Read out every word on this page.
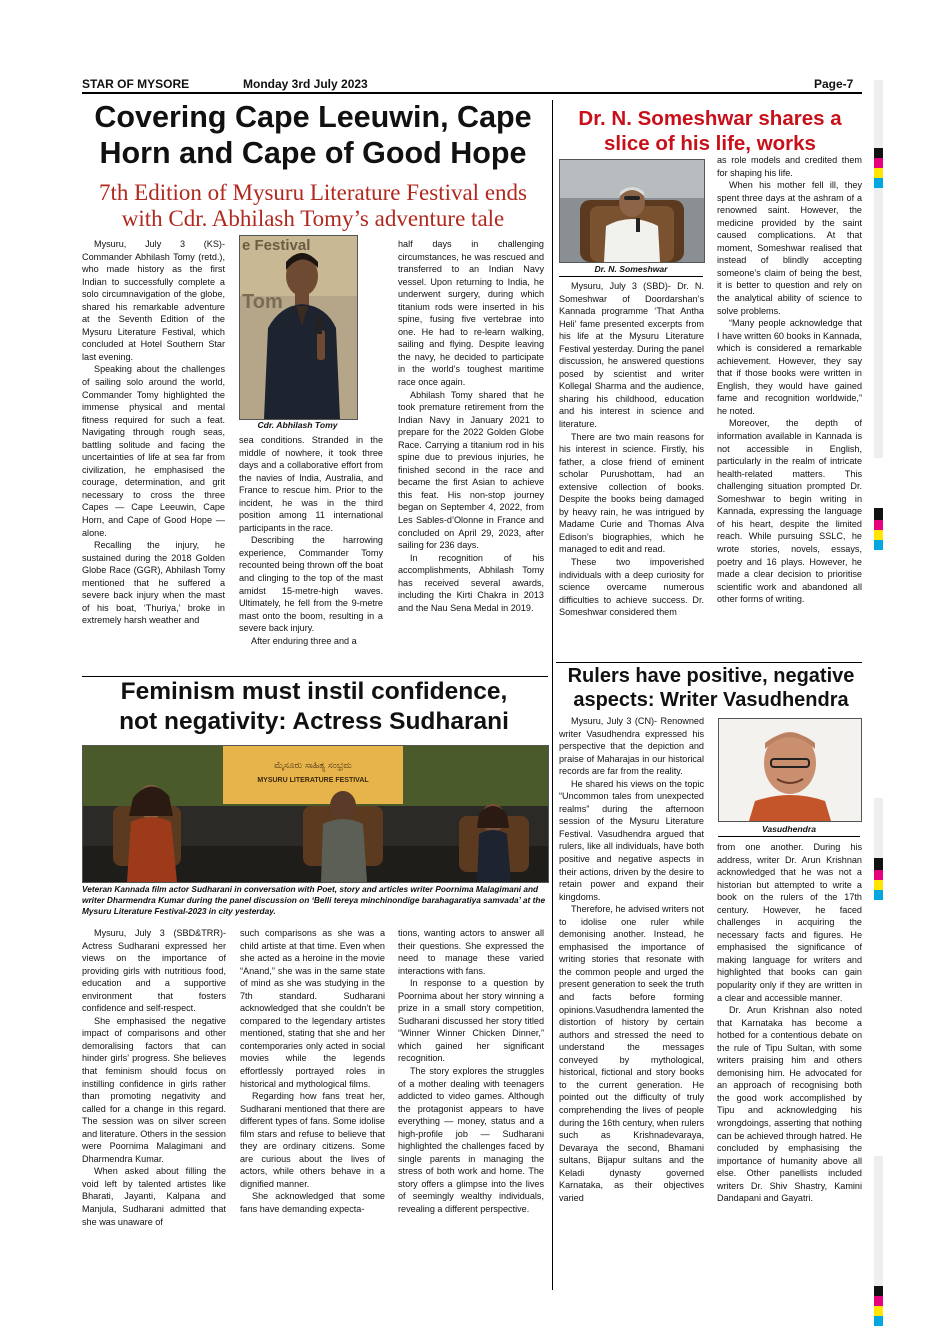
STAR OF MYSORE	Monday 3rd July 2023	Page-7
Covering Cape Leeuwin, Cape
Horn and Cape of Good Hope
7th Edition of Mysuru Literature Festival ends
with Cdr. Abhilash Tomy’s adventure tale

Mysuru, July 3 (KS)- Commander Abhilash Tomy (retd.), who made history as the first Indian to successfully complete a solo circumnavigation of the globe, shared his remarkable adventure at the Seventh Edition of the Mysuru Literature Festival, which concluded at Hotel Southern Star last evening.

Speaking about the challenges of sailing solo around the world, Commander Tomy highlighted the immense physical and mental fitness required for such a feat. Navigating through rough seas, battling solitude and facing the uncertainties of life at sea far from civilization, he emphasised the courage, determination, and grit necessary to cross the three Capes — Cape Leeuwin, Cape Horn, and Cape of Good Hope — alone.

Recalling the injury, he sustained during the 2018 Golden Globe Race (GGR), Abhilash Tomy mentioned that he suffered a severe back injury when the mast of his boat, ‘Thuriya,’ broke in extremely harsh weather and

e Festival
Tom
Cdr. Abhilash Tomy

sea conditions. Stranded in the middle of nowhere, it took three days and a collaborative effort from the navies of India, Australia, and France to rescue him. Prior to the incident, he was in the third position among 11 international participants in the race.

Describing the harrowing experience, Commander Tomy recounted being thrown off the boat and clinging to the top of the mast amidst 15-metre-high waves. Ultimately, he fell from the 9-metre mast onto the boom, resulting in a severe back injury.

After enduring three and a

half days in challenging circumstances, he was rescued and transferred to an Indian Navy vessel. Upon returning to India, he underwent surgery, during which titanium rods were inserted in his spine, fusing five vertebrae into one. He had to re-learn walking, sailing and flying. Despite leaving the navy, he decided to participate in the world’s toughest maritime race once again.

Abhilash Tomy shared that he took premature retirement from the Indian Navy in January 2021 to prepare for the 2022 Golden Globe Race. Carrying a titanium rod in his spine due to previous injuries, he finished second in the race and became the first Asian to achieve this feat. His non-stop journey began on September 4, 2022, from Les Sables-d’Olonne in France and concluded on April 29, 2023, after sailing for 236 days.

In recognition of his accomplishments, Abhilash Tomy has received several awards, including the Kirti Chakra in 2013 and the Nau Sena Medal in 2019.

Dr. N. Someshwar shares a
slice of his life, works
Dr. N. Someshwar

Mysuru, July 3 (SBD)- Dr. N. Someshwar of Doordarshan’s Kannada programme ‘That Antha Heli’ fame presented excerpts from his life at the Mysuru Literature Festival yesterday. During the panel discussion, he answered questions posed by scientist and writer Kollegal Sharma and the audience, sharing his childhood, education and his interest in science and literature.

There are two main reasons for his interest in science. Firstly, his father, a close friend of eminent scholar Purushottam, had an extensive collection of books. Despite the books being damaged by heavy rain, he was intrigued by Madame Curie and Thomas Alva Edison’s biographies, which he managed to edit and read.

These two impoverished individuals with a deep curiosity for science overcame numerous difficulties to achieve success. Dr. Someshwar considered them

as role models and credited them for shaping his life.

When his mother fell ill, they spent three days at the ashram of a renowned saint. However, the medicine provided by the saint caused complications. At that moment, Someshwar realised that instead of blindly accepting someone’s claim of being the best, it is better to question and rely on the analytical ability of science to solve problems.

“Many people acknowledge that I have written 60 books in Kannada, which is considered a remarkable achievement. However, they say that if those books were written in English, they would have gained fame and recognition worldwide,” he noted.

Moreover, the depth of information available in Kannada is not accessible in English, particularly in the realm of intricate health-related matters. This challenging situation prompted Dr. Someshwar to begin writing in Kannada, expressing the language of his heart, despite the limited reach. While pursuing SSLC, he wrote stories, novels, essays, poetry and 16 plays. However, he made a clear decision to prioritise scientific work and abandoned all other forms of writing.

Feminism must instil confidence,
not negativity: Actress Sudharani
ಮೈಸೂರು ಸಾಹಿತ್ಯ ಸಂಭ್ರಮ
MYSURU LITERATURE FESTIVAL
Veteran Kannada film actor Sudharani in conversation with Poet, story and articles writer Poornima Malagimani and writer Dharmendra Kumar during the panel discussion on ‘Belli tereya minchinondige barahagaratiya samvada’ at the Mysuru Literature Festival-2023 in city yesterday.

Mysuru, July 3 (SBD&TRR)- Actress Sudharani expressed her views on the importance of providing girls with nutritious food, education and a supportive environment that fosters confidence and self-respect.

She emphasised the negative impact of comparisons and other demoralising factors that can hinder girls’ progress. She believes that feminism should focus on instilling confidence in girls rather than promoting negativity and called for a change in this regard. The session was on silver screen and literature. Others in the session were Poornima Malagimani and Dharmendra Kumar.

When asked about filling the void left by talented artistes like Bharati, Jayanti, Kalpana and Manjula, Sudharani admitted that she was unaware of

such comparisons as she was a child artiste at that time. Even when she acted as a heroine in the movie “Anand,” she was in the same state of mind as she was studying in the 7th standard. Sudharani acknowledged that she couldn’t be compared to the legendary artistes mentioned, stating that she and her contemporaries only acted in social movies while the legends effortlessly portrayed roles in historical and mythological films.

Regarding how fans treat her, Sudharani mentioned that there are different types of fans. Some idolise film stars and refuse to believe that they are ordinary citizens. Some are curious about the lives of actors, while others behave in a dignified manner.

She acknowledged that some fans have demanding expecta-

tions, wanting actors to answer all their questions. She expressed the need to manage these varied interactions with fans.

In response to a question by Poornima about her story winning a prize in a small story competition, Sudharani discussed her story titled “Winner Winner Chicken Dinner,” which gained her significant recognition.

The story explores the struggles of a mother dealing with teenagers addicted to video games. Although the protagonist appears to have everything — money, status and a high-profile job — Sudharani highlighted the challenges faced by single parents in managing the stress of both work and home. The story offers a glimpse into the lives of seemingly wealthy individuals, revealing a different perspective.

Rulers have positive, negative
aspects: Writer Vasudhendra
Vasudhendra

Mysuru, July 3 (CN)- Renowned writer Vasudhendra expressed his perspective that the depiction and praise of Maharajas in our historical records are far from the reality.

He shared his views on the topic “Uncommon tales from unexpected realms” during the afternoon session of the Mysuru Literature Festival. Vasudhendra argued that rulers, like all individuals, have both positive and negative aspects in their actions, driven by the desire to retain power and expand their kingdoms.

Therefore, he advised writers not to idolise one ruler while demonising another. Instead, he emphasised the importance of writing stories that resonate with the common people and urged the present generation to seek the truth and facts before forming opinions.Vasudhendra lamented the distortion of history by certain authors and stressed the need to understand the messages conveyed by mythological, historical, fictional and story books to the current generation. He pointed out the difficulty of truly comprehending the lives of people during the 16th century, when rulers such as Krishnadevaraya, Devaraya the second, Bhamani sultans, Bijapur sultans and the Keladi dynasty governed Karnataka, as their objectives varied

from one another. During his address, writer Dr. Arun Krishnan acknowledged that he was not a historian but attempted to write a book on the rulers of the 17th century. However, he faced challenges in acquiring the necessary facts and figures. He emphasised the significance of making language for writers and highlighted that books can gain popularity only if they are written in a clear and accessible manner.

Dr. Arun Krishnan also noted that Karnataka has become a hotbed for a contentious debate on the rule of Tipu Sultan, with some writers praising him and others demonising him. He advocated for an approach of recognising both the good work accomplished by Tipu and acknowledging his wrongdoings, asserting that nothing can be achieved through hatred. He concluded by emphasising the importance of humanity above all else. Other panellists included writers Dr. Shiv Shastry, Kamini Dandapani and Gayatri.
